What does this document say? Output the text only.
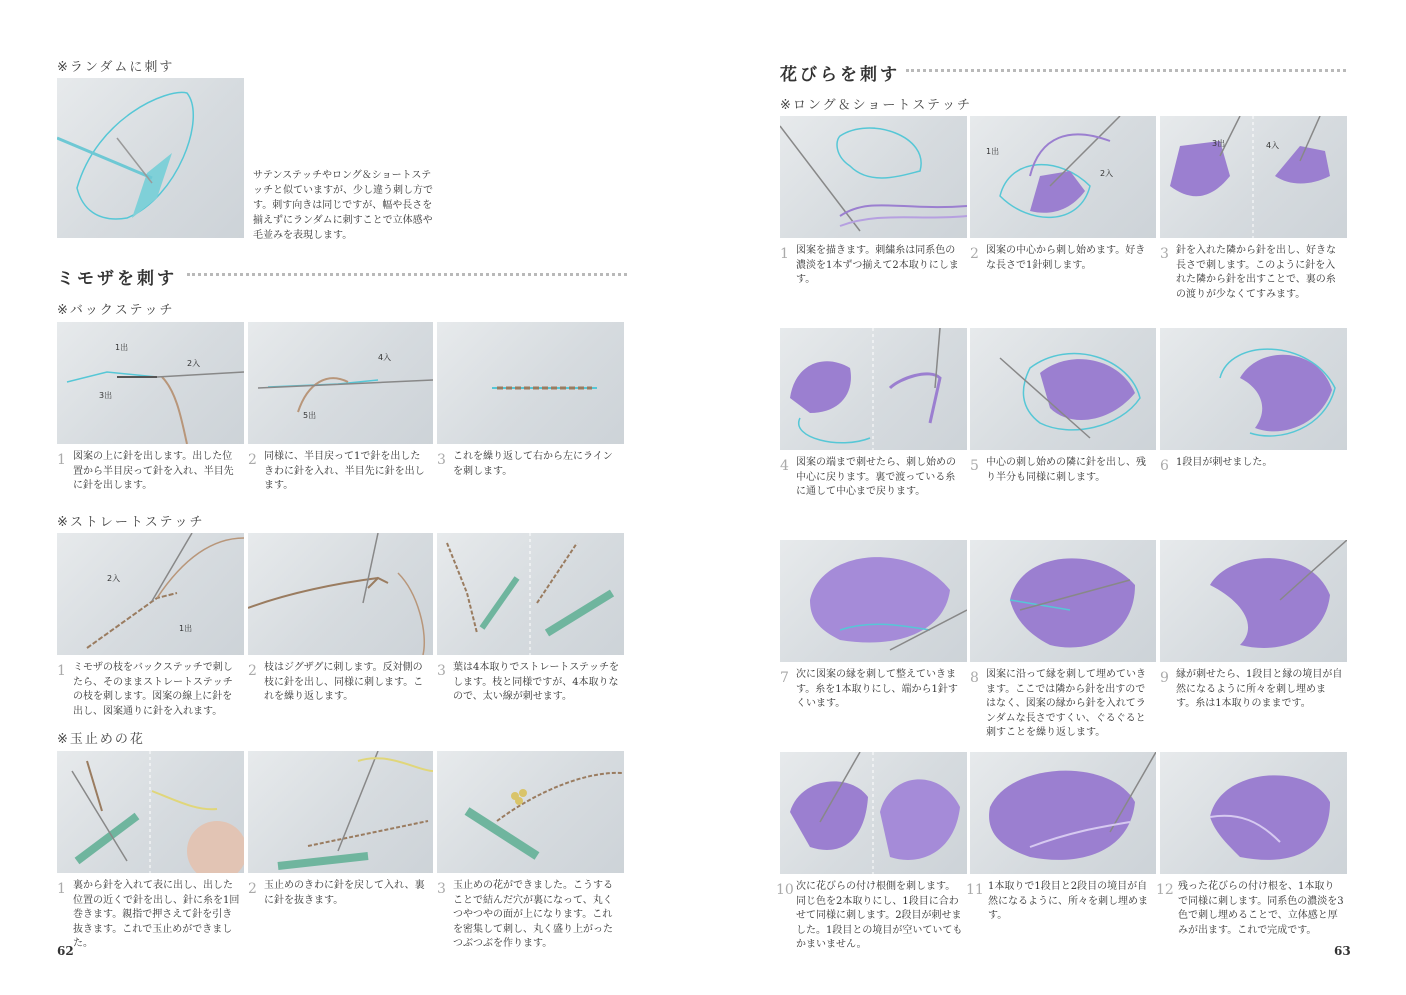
※ランダムに刺す
サテンステッチやロング＆ショートステッチと似ていますが、少し違う刺し方です。刺す向きは同じですが、幅や長さを揃えずにランダムに刺すことで立体感や毛並みを表現します。
ミモザを刺す
※バックステッチ
1出
2入
3出
4入
5出
1 図案の上に針を出します。出した位置から半目戻って針を入れ、半目先に針を出します。
2 同様に、半目戻って1で針を出したきわに針を入れ、半目先に針を出します。
3 これを繰り返して右から左にラインを刺します。
※ストレートステッチ
2入
1出
1 ミモザの枝をバックステッチで刺したら、そのままストレートステッチの枝を刺します。図案の線上に針を出し、図案通りに針を入れます。
2 枝はジグザグに刺します。反対側の枝に針を出し、同様に刺します。これを繰り返します。
3 葉は4本取りでストレートステッチをします。枝と同様ですが、4本取りなので、太い線が刺せます。
※玉止めの花
1 裏から針を入れて表に出し、出した位置の近くで針を出し、針に糸を1回巻きます。親指で押さえて針を引き抜きます。これで玉止めができました。
2 玉止めのきわに針を戻して入れ、裏に針を抜きます。
3 玉止めの花ができました。こうすることで結んだ穴が裏になって、丸くつやつやの面が上になります。これを密集して刺し、丸く盛り上がったつぶつぶを作ります。
62
花びらを刺す
※ロング＆ショートステッチ
1出
2入
3出	4入
1 図案を描きます。刺繍糸は同系色の濃淡を1本ずつ揃えて2本取りにします。
2 図案の中心から刺し始めます。好きな長さで1針刺します。
3 針を入れた隣から針を出し、好きな長さで刺します。このように針を入れた隣から針を出すことで、裏の糸の渡りが少なくてすみます。
4 図案の端まで刺せたら、刺し始めの中心に戻ります。裏で渡っている糸に通して中心まで戻ります。
5 中心の刺し始めの隣に針を出し、残り半分も同様に刺します。
6 1段目が刺せました。
7 次に図案の縁を刺して整えていきます。糸を1本取りにし、端から1針すくいます。
8 図案に沿って縁を刺して埋めていきます。ここでは隣から針を出すのではなく、図案の縁から針を入れてランダムな長さですくい、ぐるぐると刺すことを繰り返します。
9 縁が刺せたら、1段目と縁の境目が自然になるように所々を刺し埋めます。糸は1本取りのままです。
10 次に花びらの付け根側を刺します。同じ色を2本取りにし、1段目に合わせて同様に刺します。2段目が刺せました。1段目との境目が空いていてもかまいません。
11 1本取りで1段目と2段目の境目が自然になるように、所々を刺し埋めます。
12 残った花びらの付け根を、1本取りで同様に刺します。同系色の濃淡を3色で刺し埋めることで、立体感と厚みが出ます。これで完成です。
63
